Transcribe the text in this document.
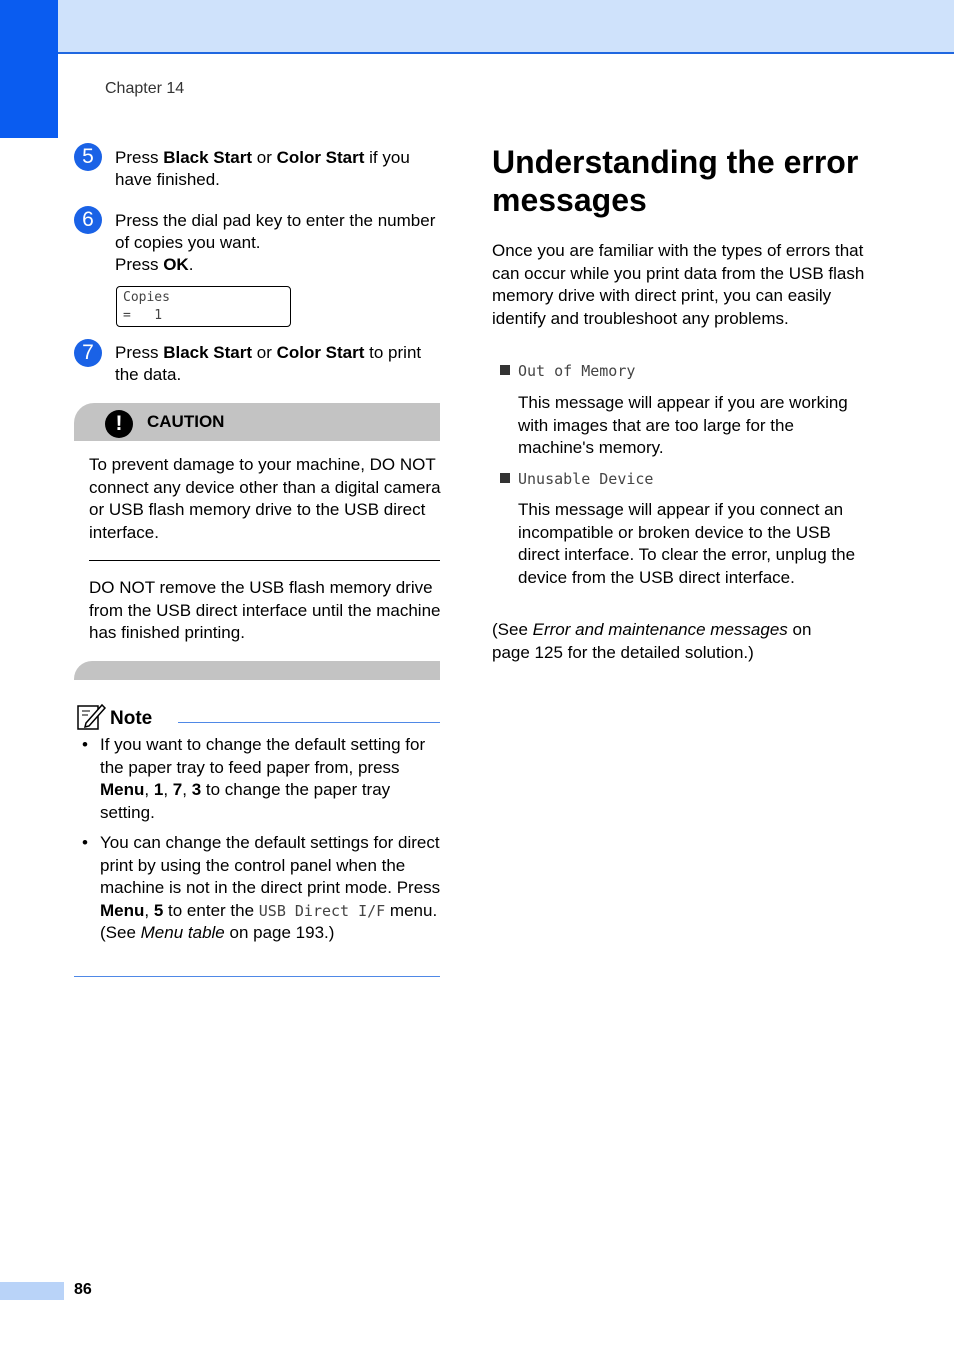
Chapter 14
5	Press Black Start or Color Start if you have finished.
6	Press the dial pad key to enter the number of copies you want.
Press OK.
Copies
=   1
7	Press Black Start or Color Start to print the data.
!	CAUTION
To prevent damage to your machine, DO NOT connect any device other than a digital camera or USB flash memory drive to the USB direct interface.
DO NOT remove the USB flash memory drive from the USB direct interface until the machine has finished printing.
Note
• If you want to change the default setting for the paper tray to feed paper from, press Menu, 1, 7, 3 to change the paper tray setting.
• You can change the default settings for direct print by using the control panel when the machine is not in the direct print mode. Press Menu, 5 to enter the USB Direct I/F menu. (See Menu table on page 193.)
Understanding the error messages
Once you are familiar with the types of errors that can occur while you print data from the USB flash memory drive with direct print, you can easily identify and troubleshoot any problems.
Out of Memory
This message will appear if you are working with images that are too large for the machine's memory.
Unusable Device
This message will appear if you connect an incompatible or broken device to the USB direct interface. To clear the error, unplug the device from the USB direct interface.
(See Error and maintenance messages on page 125 for the detailed solution.)
86
